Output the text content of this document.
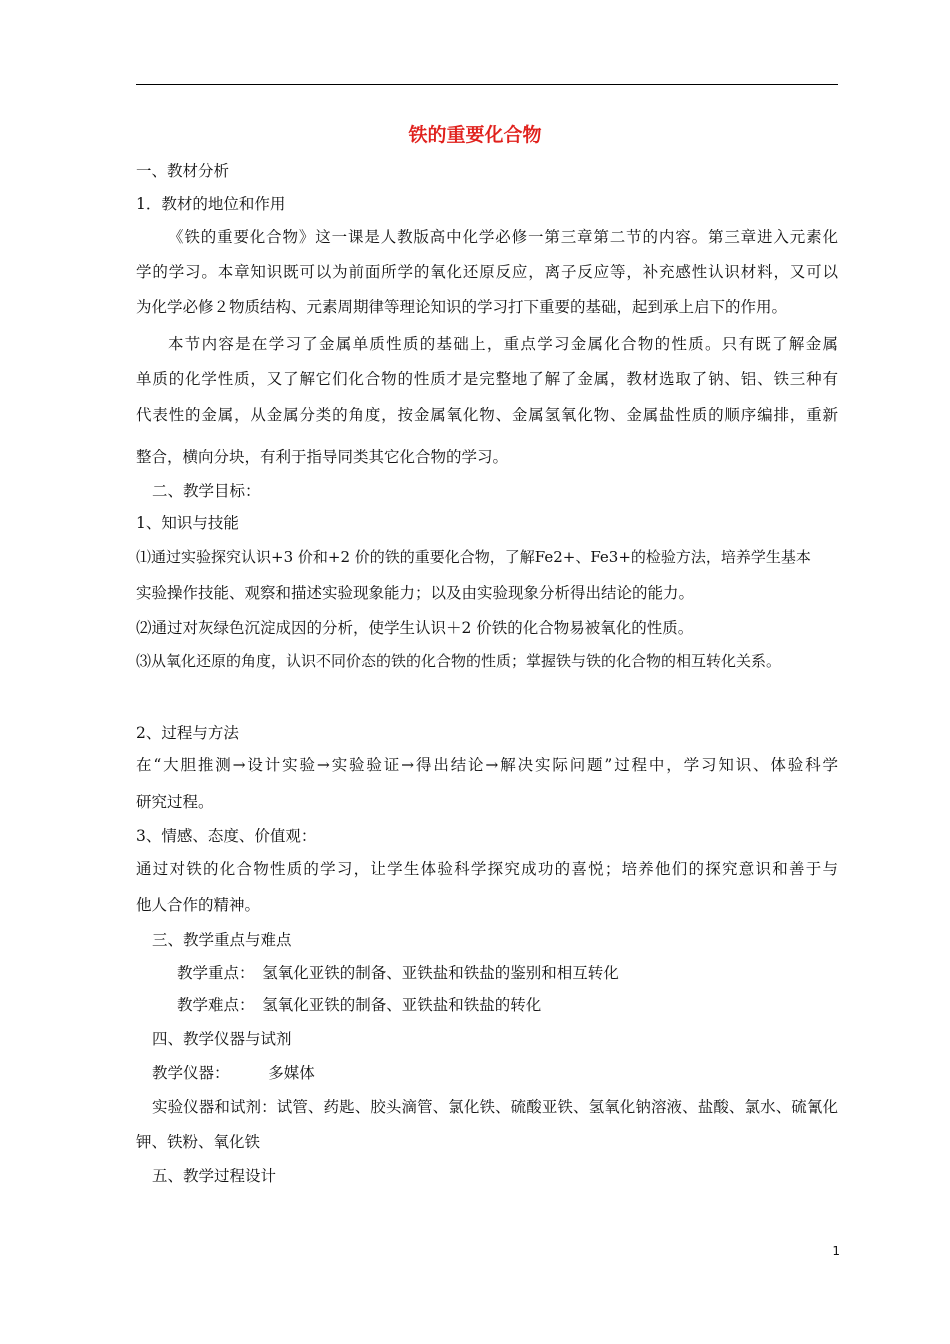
铁的重要化合物
一、教材分析
1．教材的地位和作用
《铁的重要化合物》这一课是人教版高中化学必修一第三章第二节的内容。第三章进入元素化
学的学习。本章知识既可以为前面所学的氧化还原反应，离子反应等，补充感性认识材料，又可以
为化学必修２物质结构、元素周期律等理论知识的学习打下重要的基础，起到承上启下的作用。
本节内容是在学习了金属单质性质的基础上，重点学习金属化合物的性质。只有既了解金属
单质的化学性质，又了解它们化合物的性质才是完整地了解了金属，教材选取了钠、铝、铁三种有
代表性的金属，从金属分类的角度，按金属氧化物、金属氢氧化物、金属盐性质的顺序编排，重新
整合，横向分块，有利于指导同类其它化合物的学习。
二、教学目标：
1、知识与技能
⑴通过实验探究认识+3 价和+2 价的铁的重要化合物，了解Fe2+、Fe3+的检验方法，培养学生基本
实验操作技能、观察和描述实验现象能力；以及由实验现象分析得出结论的能力。
⑵通过对灰绿色沉淀成因的分析，使学生认识＋2 价铁的化合物易被氧化的性质。
⑶从氧化还原的角度，认识不同价态的铁的化合物的性质；掌握铁与铁的化合物的相互转化关系。
2、过程与方法
在“大胆推测→设计实验→实验验证→得出结论→解决实际问题”过程中，学习知识、体验科学
研究过程。
3、情感、态度、价值观：
通过对铁的化合物性质的学习，让学生体验科学探究成功的喜悦；培养他们的探究意识和善于与
他人合作的精神。
三、教学重点与难点
教学重点：　氢氧化亚铁的制备、亚铁盐和铁盐的鉴别和相互转化
教学难点：　氢氧化亚铁的制备、亚铁盐和铁盐的转化
四、教学仪器与试剂
教学仪器：　　　多媒体
实验仪器和试剂：试管、药匙、胶头滴管、氯化铁、硫酸亚铁、氢氧化钠溶液、盐酸、氯水、硫氰化
钾、铁粉、氧化铁
五、教学过程设计
1
